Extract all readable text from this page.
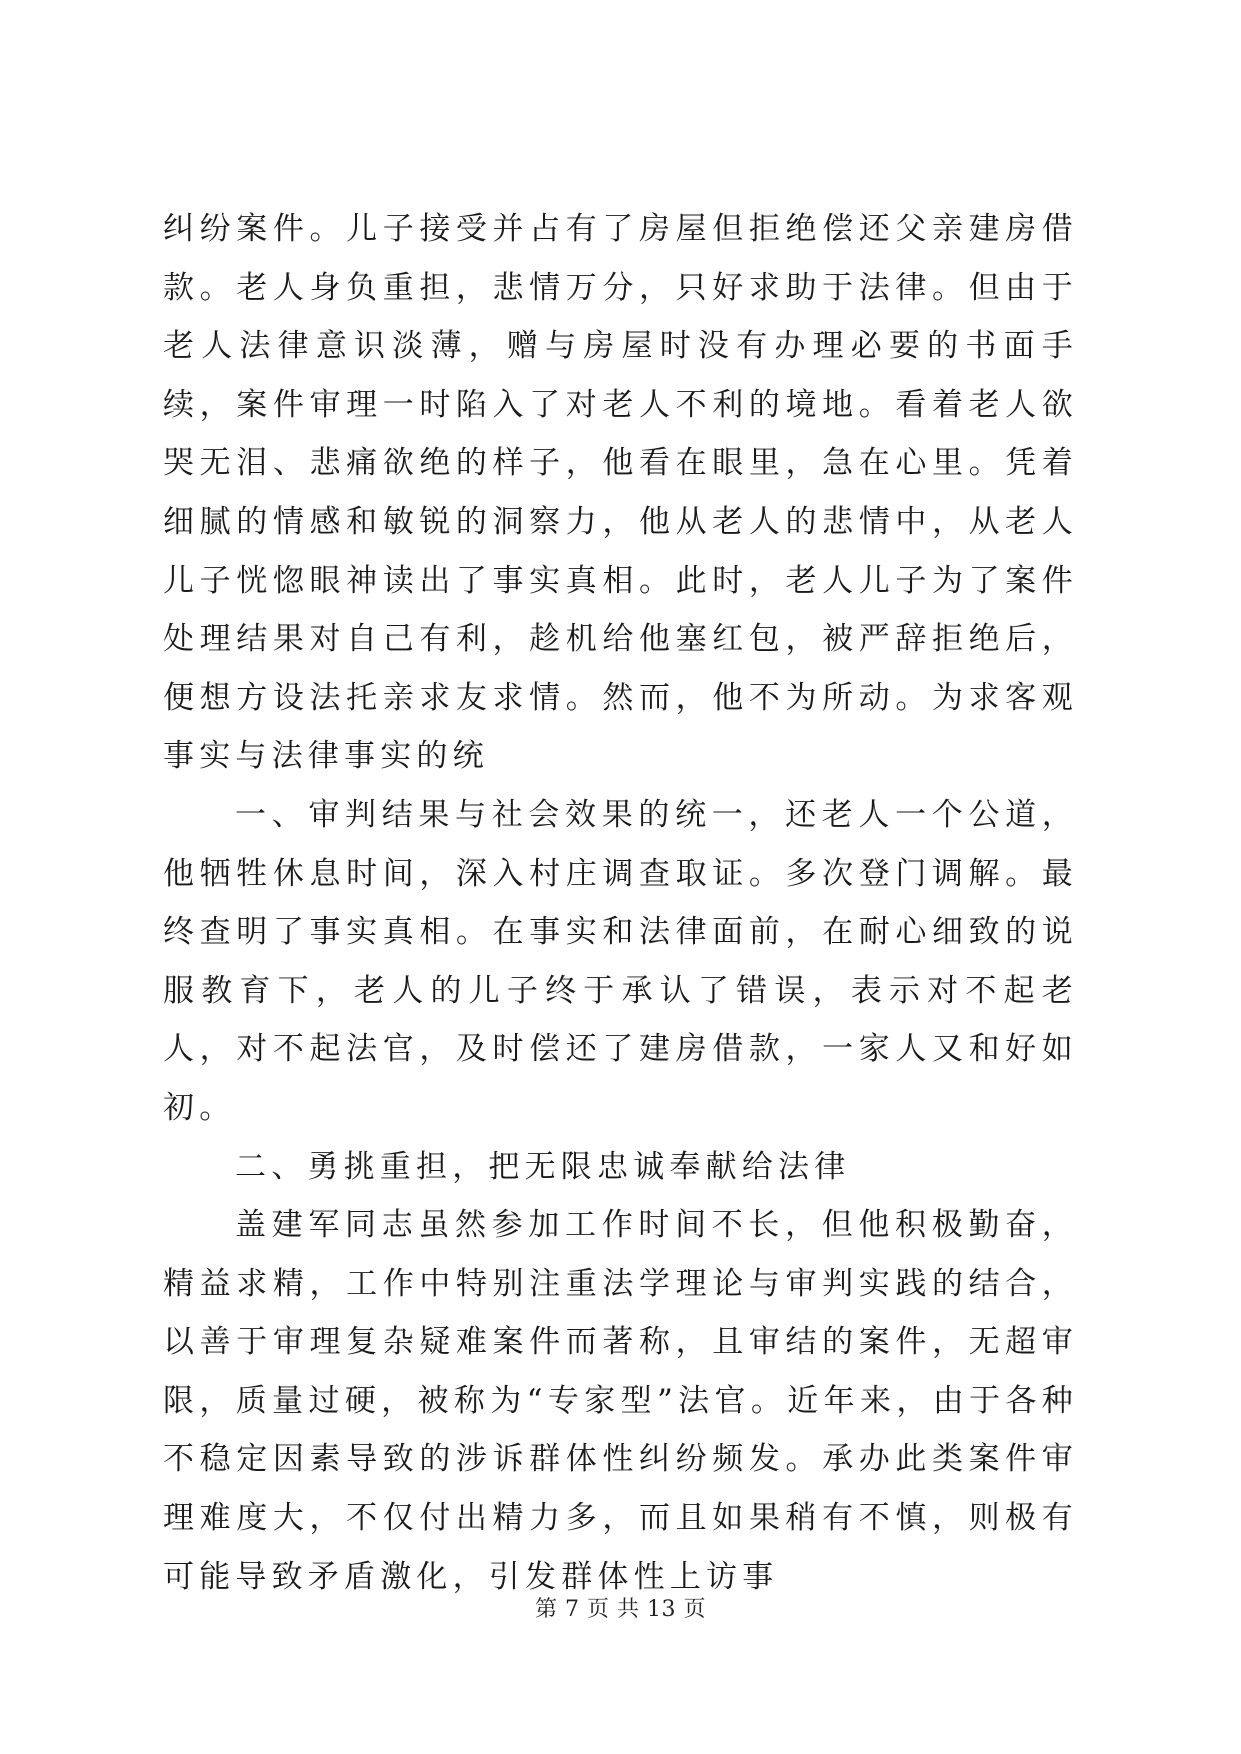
纠纷案件。儿子接受并占有了房屋但拒绝偿还父亲建房借款。老人身负重担，悲情万分，只好求助于法律。但由于老人法律意识淡薄，赠与房屋时没有办理必要的书面手续，案件审理一时陷入了对老人不利的境地。看着老人欲哭无泪、悲痛欲绝的样子，他看在眼里，急在心里。凭着细腻的情感和敏锐的洞察力，他从老人的悲情中，从老人儿子恍惚眼神读出了事实真相。此时，老人儿子为了案件处理结果对自己有利，趁机给他塞红包，被严辞拒绝后，便想方设法托亲求友求情。然而，他不为所动。为求客观事实与法律事实的统

一、审判结果与社会效果的统一，还老人一个公道，他牺牲休息时间，深入村庄调查取证。多次登门调解。最终查明了事实真相。在事实和法律面前，在耐心细致的说服教育下，老人的儿子终于承认了错误，表示对不起老人，对不起法官，及时偿还了建房借款，一家人又和好如初。

二、勇挑重担，把无限忠诚奉献给法律

盖建军同志虽然参加工作时间不长，但他积极勤奋，精益求精，工作中特别注重法学理论与审判实践的结合，以善于审理复杂疑难案件而著称，且审结的案件，无超审限，质量过硬，被称为“专家型”法官。近年来，由于各种不稳定因素导致的涉诉群体性纠纷频发。承办此类案件审理难度大，不仅付出精力多，而且如果稍有不慎，则极有可能导致矛盾激化，引发群体性上访事

第 7 页 共 13 页
